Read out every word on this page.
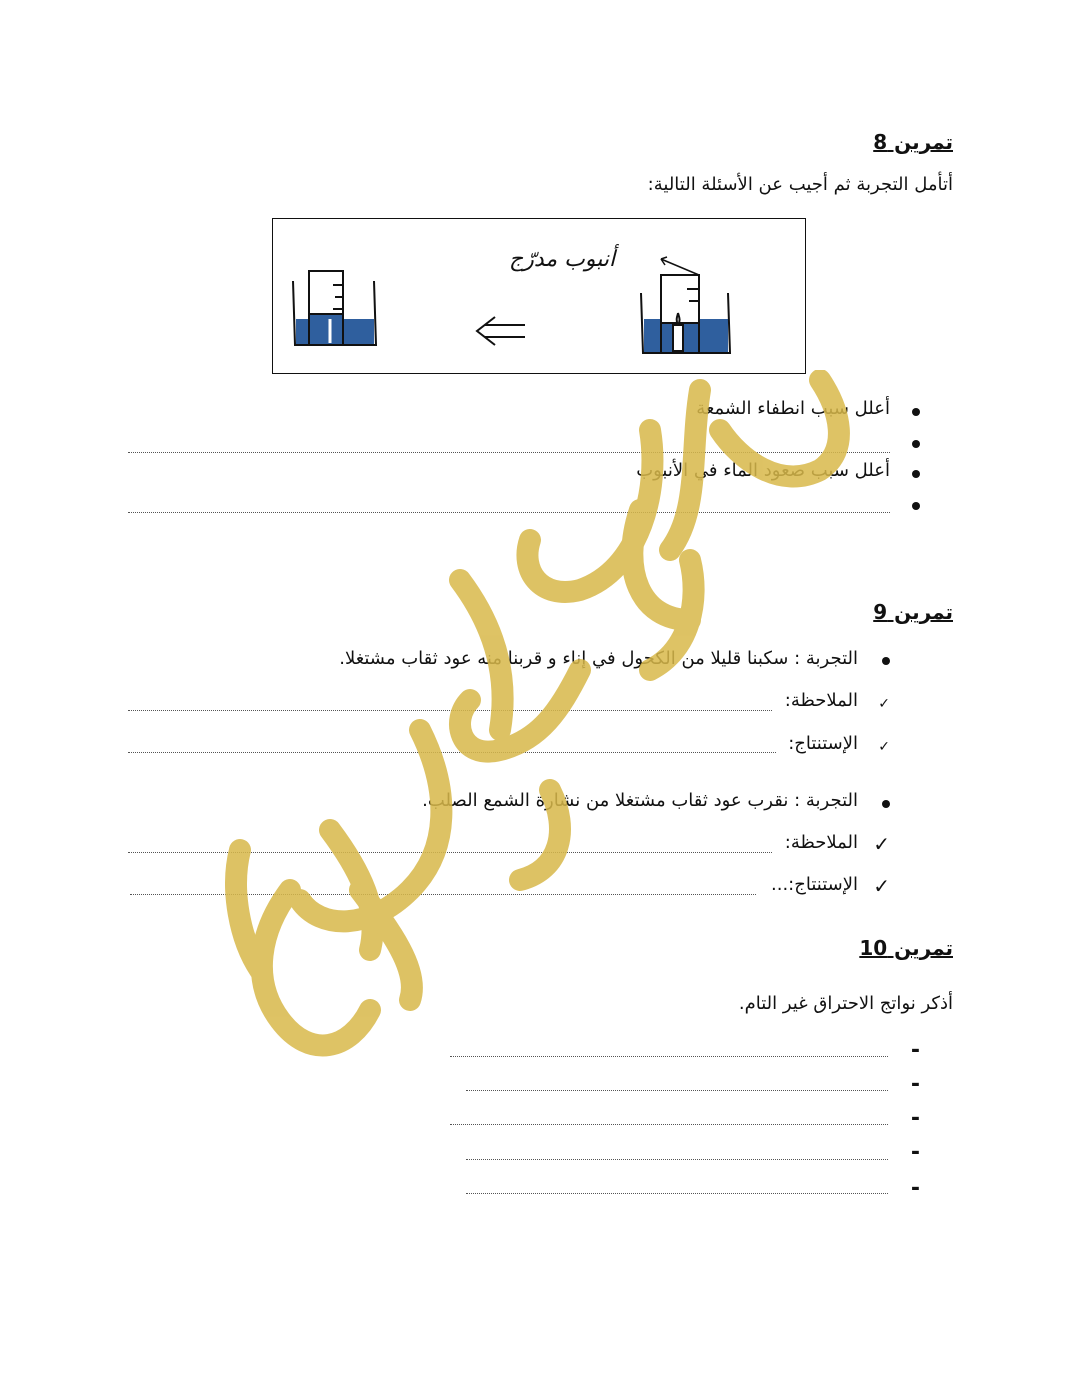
تمرين 8
أتأمل التجربة ثم أجيب عن الأسئلة التالية:
أنبوب مدرّج
أعلل سبب انطفاء الشمعة
أعلل سبب صعود الماء في الأنبوب
تمرين 9
التجربة : سكبنا قليلا من الكحول في إناء و قربنا منه عود ثقاب مشتغلا.
✓
الملاحظة:
✓
الإستنتاج:
التجربة : نقرب عود ثقاب مشتغلا من نشارة الشمع الصلب.
✓
الملاحظة:
✓
الإستنتاج:...
تمرين 10
أذكر نواتج الاحتراق غير التام.
-
-
-
-
-
